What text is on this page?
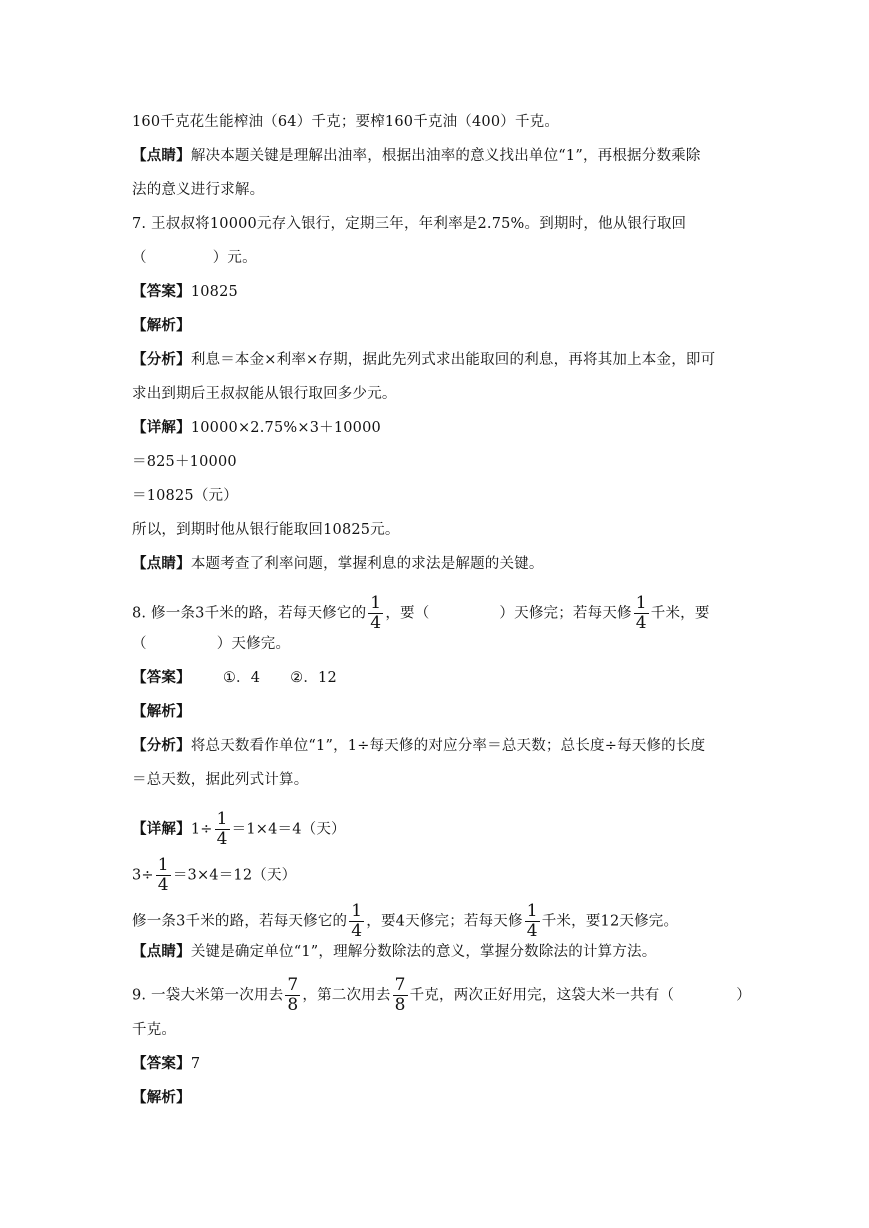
160千克花生能榨油（64）千克；要榨160千克油（400）千克。
【点睛】解决本题关键是理解出油率，根据出油率的意义找出单位“1”，再根据分数乘除
法的意义进行求解。
7. 王叔叔将10000元存入银行，定期三年，年利率是2.75%。到期时，他从银行取回
（	）元。
【答案】10825
【解析】
【分析】利息＝本金×利率×存期，据此先列式求出能取回的利息，再将其加上本金，即可
求出到期后王叔叔能从银行取回多少元。
【详解】10000×2.75%×3＋10000
＝825＋10000
＝10825（元）
所以，到期时他从银行能取回10825元。
【点睛】本题考查了利率问题，掌握利息的求法是解题的关键。
8. 修一条3千米的路，若每天修它的 $\frac{1}{4}$ ，要（	）天修完；若每天修 $\frac{1}{4}$ 千米，要
（	）天修完。
【答案】 ①．4 ②．12
【解析】
【分析】将总天数看作单位“1”，1÷每天修的对应分率＝总天数；总长度÷每天修的长度
＝总天数，据此列式计算。
【详解】$1\div \frac{1}{4} =1\times 4=4$（天）
$3\div \frac{1}{4} =3\times 4=12$（天）
修一条3千米的路，若每天修它的 $\frac{1}{4}$ ，要4天修完；若每天修 $\frac{1}{4}$ 千米，要12天修完。
【点睛】关键是确定单位“1”，理解分数除法的意义，掌握分数除法的计算方法。
9. 一袋大米第一次用去 $\frac{7}{8}$ ，第二次用去 $\frac{7}{8}$ 千克，两次正好用完，这袋大米一共有（	）
千克。
【答案】7
【解析】
